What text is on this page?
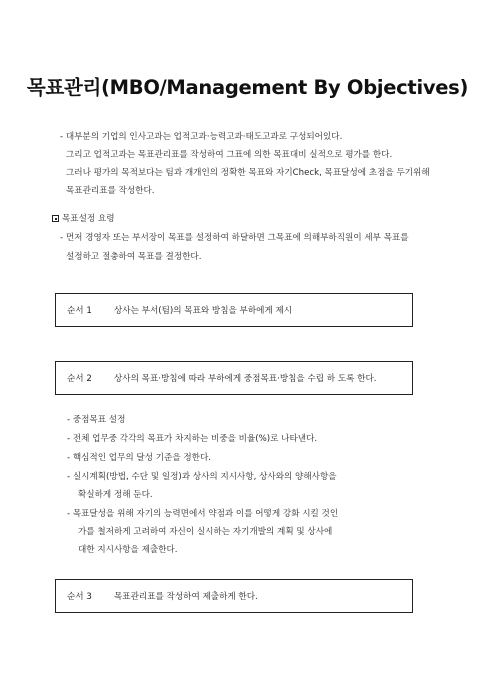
목표관리(MBO/Management By Objectives)
- 대부분의 기업의 인사고과는 업적고과·능력고과·태도고과로 구성되어있다.
그리고 업적고과는 목표관리표를 작성하여 그표에 의한 목표대비 실적으로 평가를 한다.
그러나 평가의 목적보다는 팀과 개개인의 정확한 목표와 자기Check, 목표달성에 초점을 두기위해
목표관리표를 작성한다.
목표설정 요령
- 먼저 경영자 또는 부서장이 목표를 설정하여 하달하면 그목표에 의해부하직원이 세부 목표를
설정하고 절충하여 목표를 결정한다.
순서 1	상사는 부서(팀)의 목표와 방침을 부하에게 제시
순서 2	상사의 목표·방침에 따라 부하에게 중점목표·방침을 수립 하 도록 한다.
- 중점목표 설정
- 전체 업무중 각각의 목표가 차지하는 비중을 비율(%)로 나타낸다.
- 핵심적인 업무의 달성 기준을 정한다.
- 실시계획(방법, 수단 및 일정)과 상사의 지시사항, 상사와의 양해사항을
확실하게 정해 둔다.
- 목표달성을 위해 자기의 능력면에서 약점과 이를 어떻게 강화 시킬 것인
가를 철저하게 고려하여 자신이 실시하는 자기개발의 계획 및 상사에
대한 지시사항을 제출한다.
순서 3	목표관리표를 작성하여 제출하게 한다.
